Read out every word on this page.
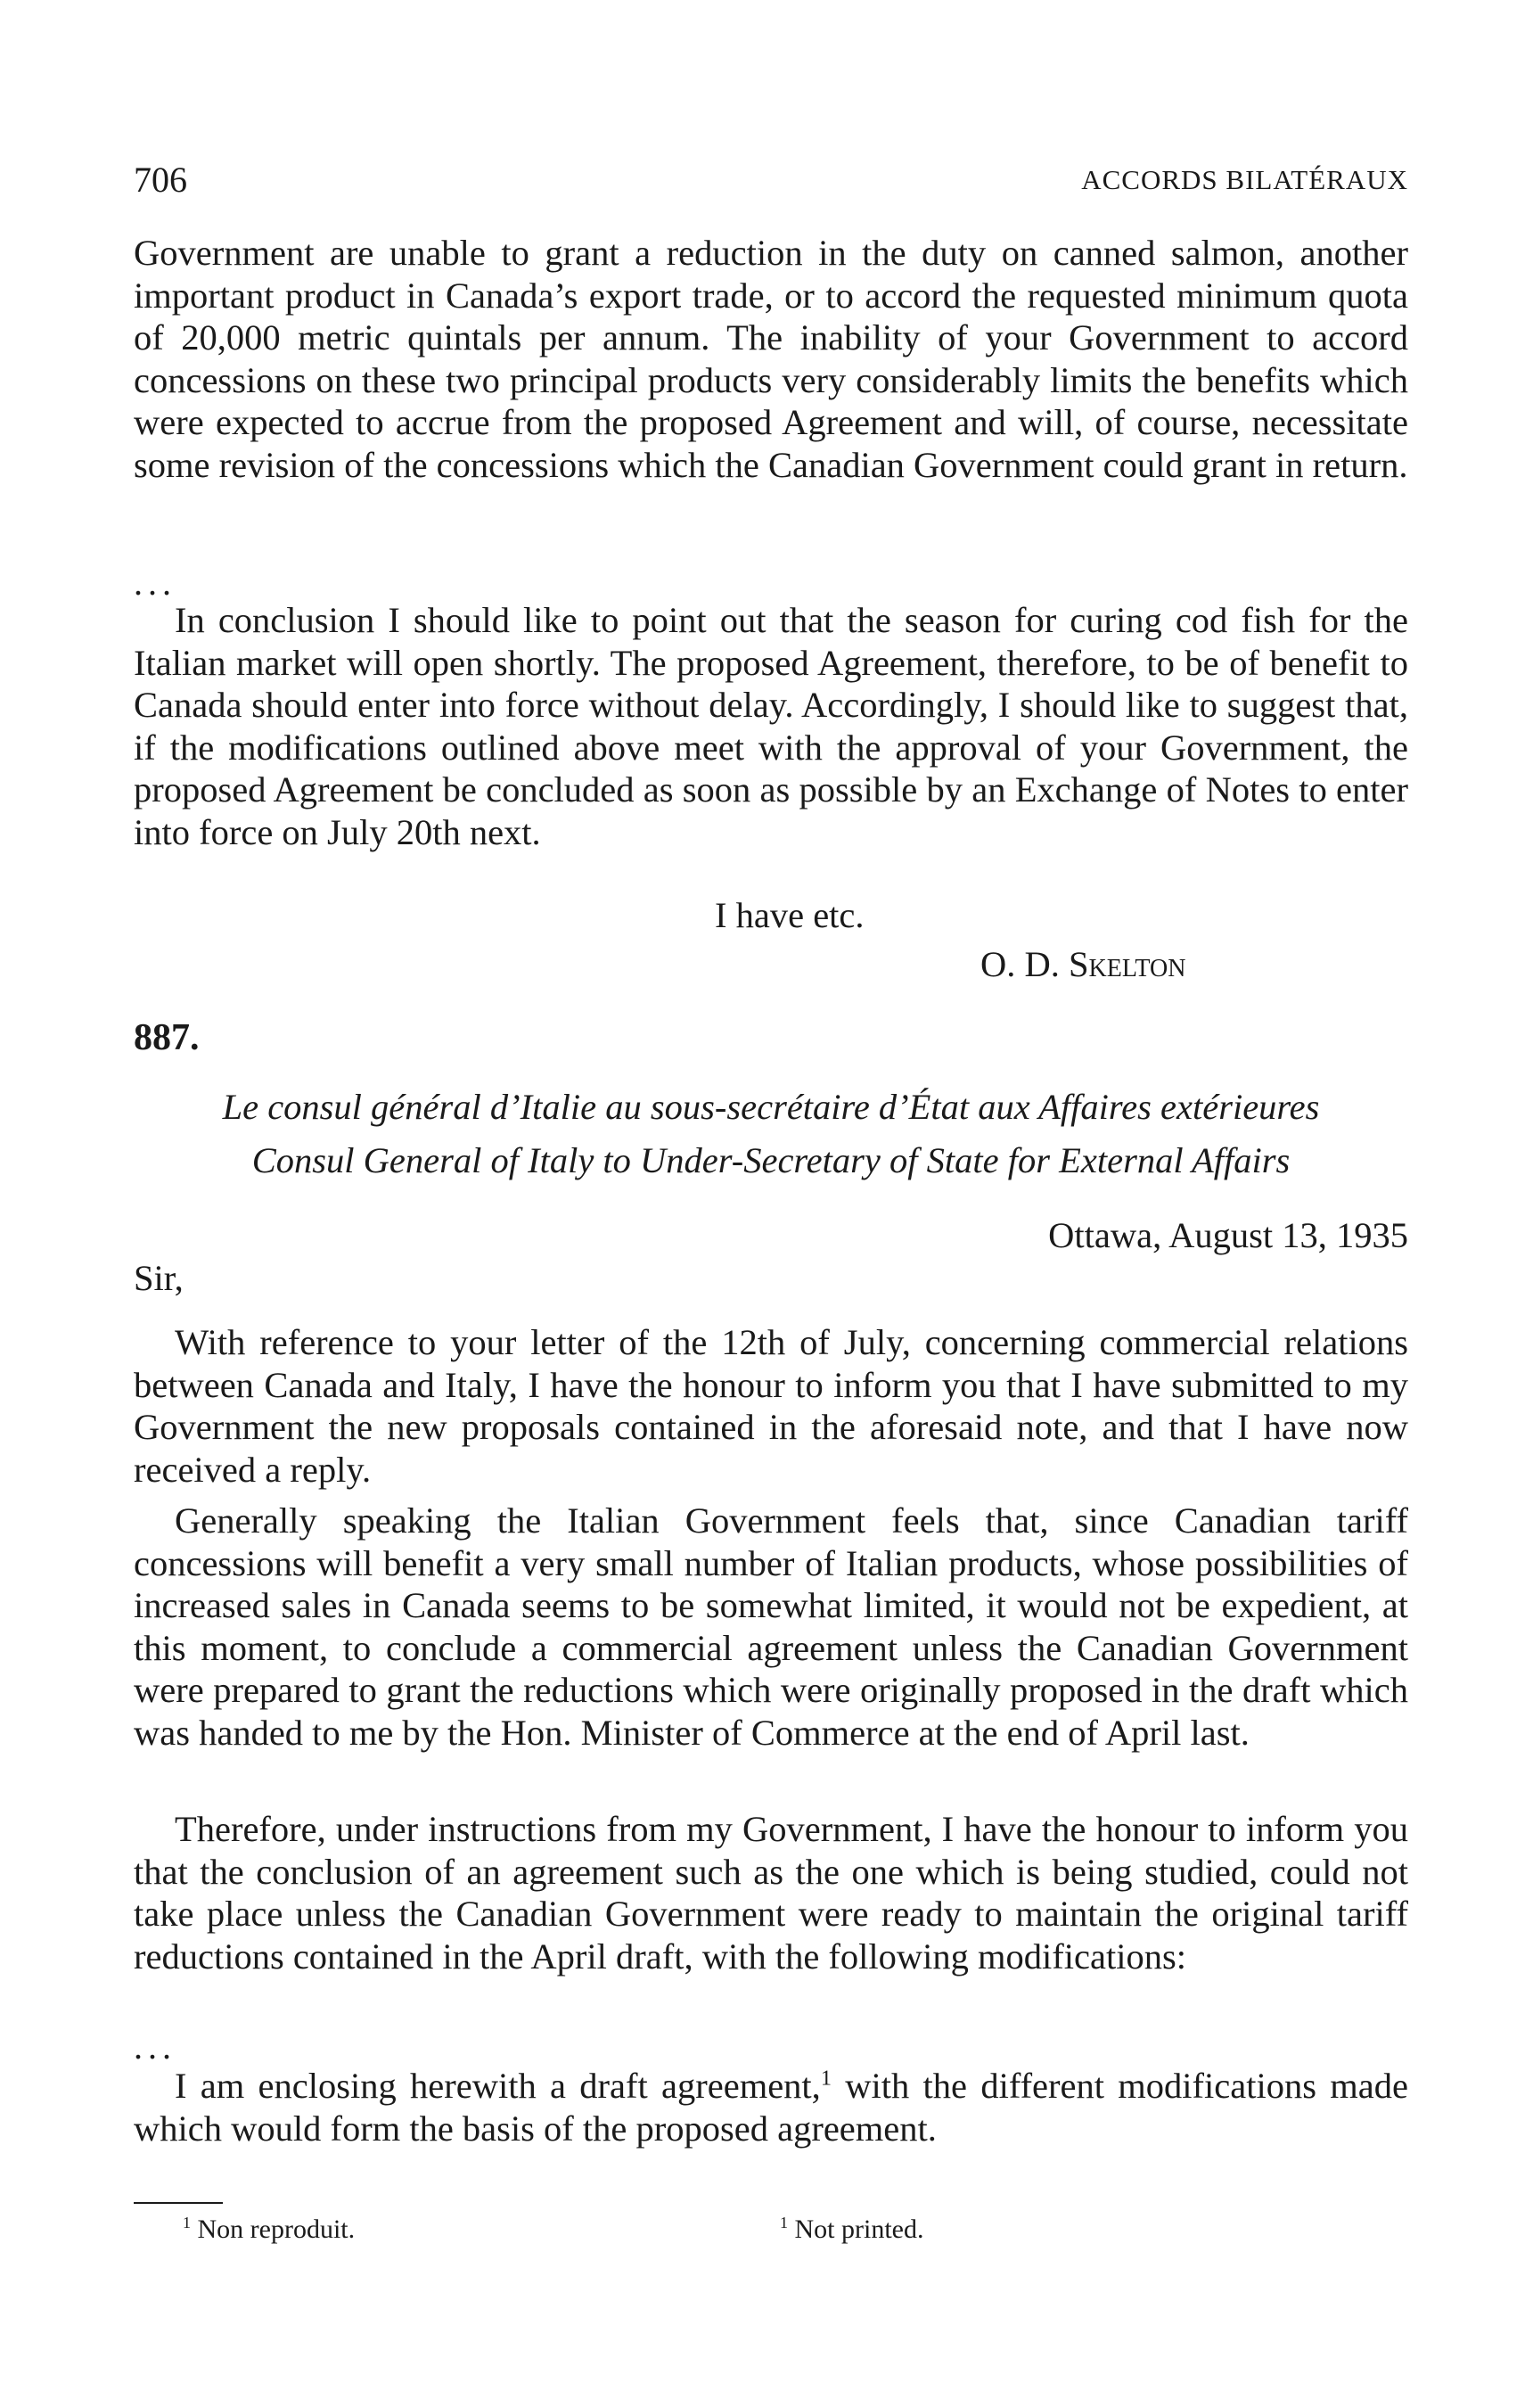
706	ACCORDS BILATÉRAUX
Government are unable to grant a reduction in the duty on canned salmon, another important product in Canada’s export trade, or to accord the requested minimum quota of 20,000 metric quintals per annum. The inability of your Government to accord concessions on these two principal products very considerably limits the benefits which were expected to accrue from the proposed Agreement and will, of course, necessitate some revision of the concessions which the Canadian Government could grant in return.
...
In conclusion I should like to point out that the season for curing cod fish for the Italian market will open shortly. The proposed Agreement, therefore, to be of benefit to Canada should enter into force without delay. Accordingly, I should like to suggest that, if the modifications outlined above meet with the approval of your Government, the proposed Agreement be concluded as soon as possible by an Exchange of Notes to enter into force on July 20th next.
I have etc.
O. D. Skelton
887.
Le consul général d’Italie au sous-secrétaire d’État aux Affaires extérieures
Consul General of Italy to Under-Secretary of State for External Affairs
Ottawa, August 13, 1935
Sir,
With reference to your letter of the 12th of July, concerning commercial relations between Canada and Italy, I have the honour to inform you that I have submitted to my Government the new proposals contained in the aforesaid note, and that I have now received a reply.
Generally speaking the Italian Government feels that, since Canadian tariff concessions will benefit a very small number of Italian products, whose possibilities of increased sales in Canada seems to be somewhat limited, it would not be expedient, at this moment, to conclude a commercial agreement unless the Canadian Government were prepared to grant the reductions which were originally proposed in the draft which was handed to me by the Hon. Minister of Commerce at the end of April last.
Therefore, under instructions from my Government, I have the honour to inform you that the conclusion of an agreement such as the one which is being studied, could not take place unless the Canadian Government were ready to maintain the original tariff reductions contained in the April draft, with the following modifications:
...
I am enclosing herewith a draft agreement,$^1$ with the different modifications made which would form the basis of the proposed agreement.
$^1$ Non reproduit.	$^1$ Not printed.
